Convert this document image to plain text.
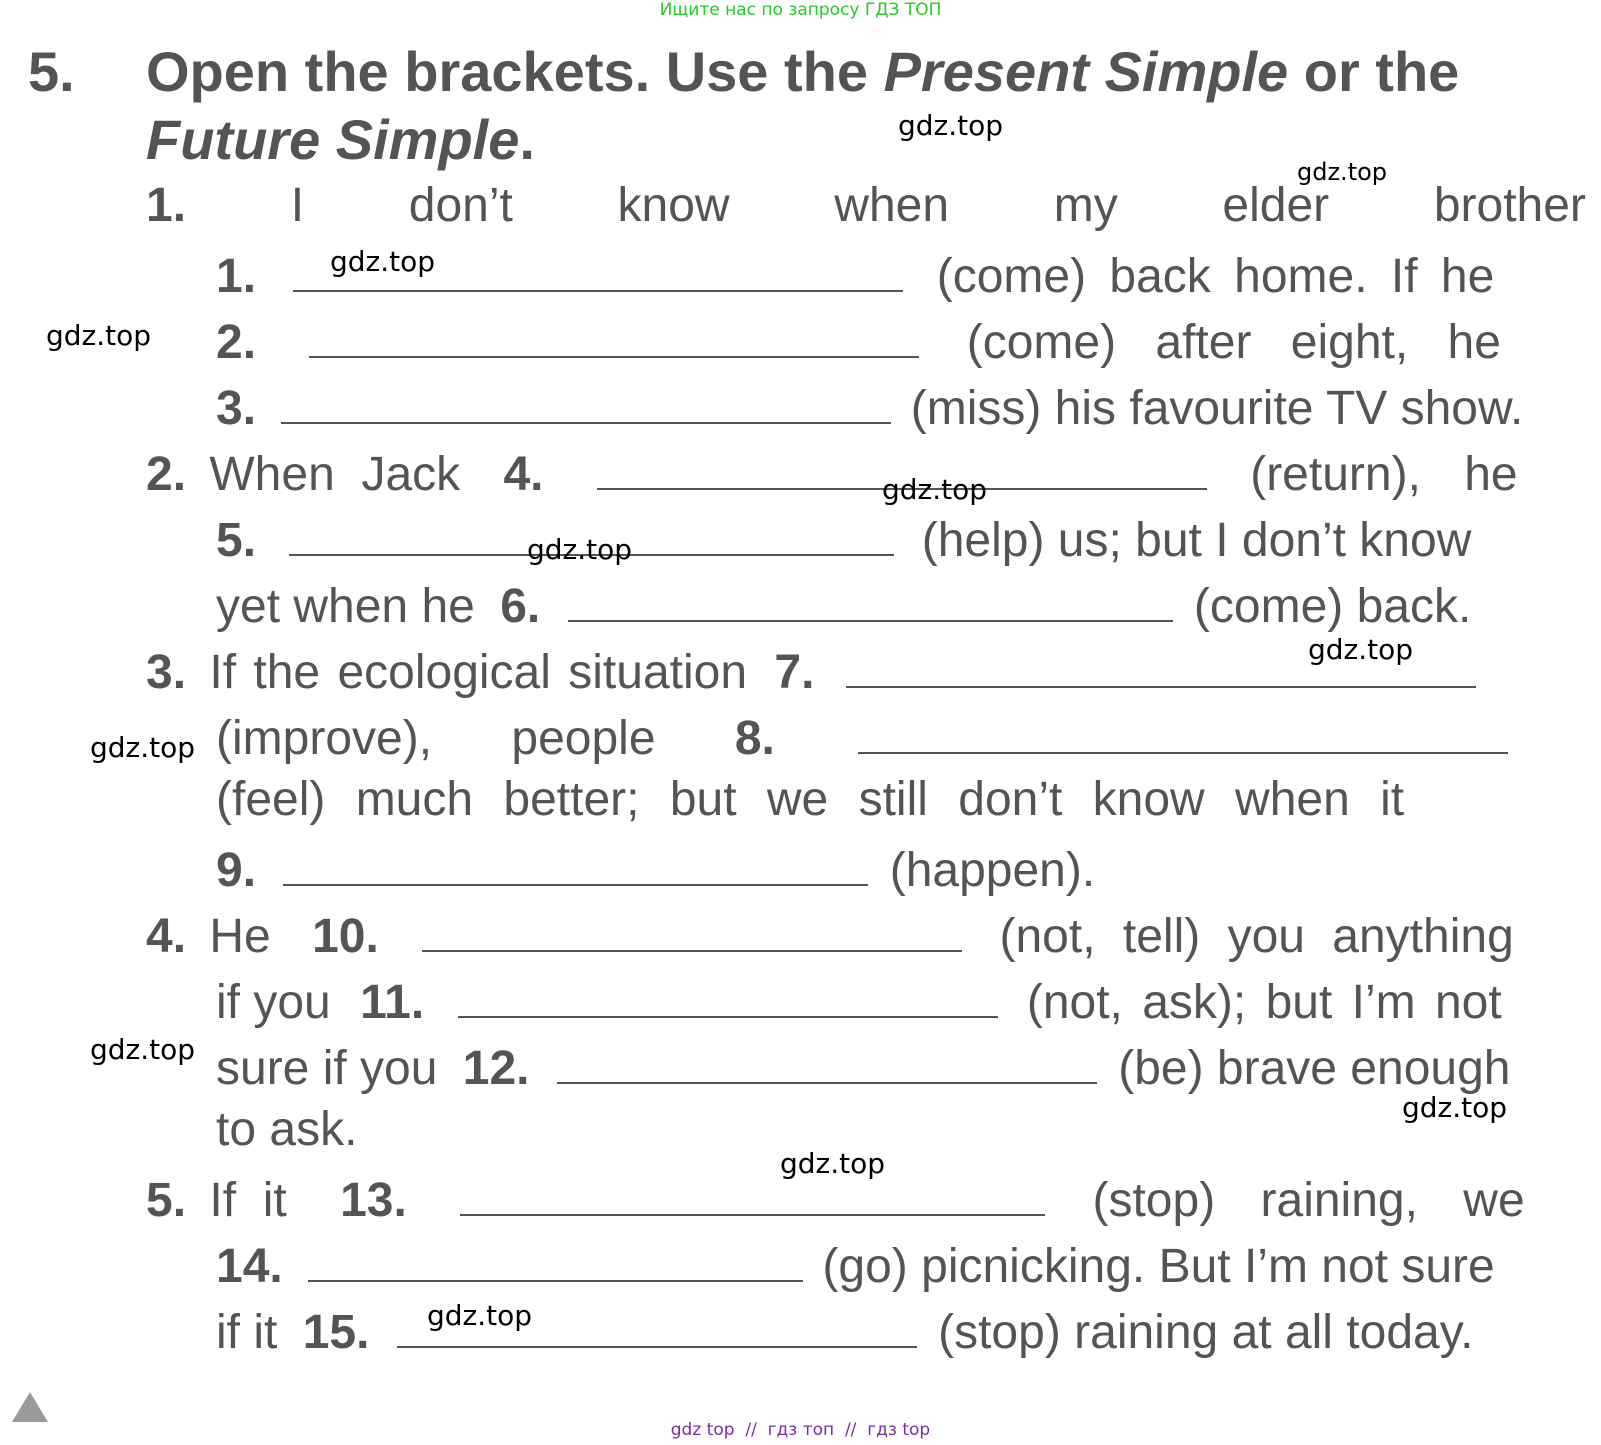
Ищите нас по запросу ГДЗ ТОП
5. Open the brackets. Use the Present Simple or the
Future Simple.
1. I don’t know when my elder brother
1.	(come) back home. If he
2.	(come) after eight, he
3.	(miss) his favourite TV show.
2. When  Jack 4.	(return), he
5.	(help) us; but I don’t know
yet when he 6.	(come) back.
3. If the ecological situation 7.
(improve), people 8.
(feel) much better; but we still don’t know when it
9.	(happen).
4. He 10.	(not, tell) you anything
if you 11.	(not, ask); but I’m not
sure if you 12.	(be) brave enough
to ask.
5. If  it 13.	(stop) raining, we
14.	(go) picnicking. But I’m not sure
if it 15.	(stop) raining at all today.
gdz.top
gdz.top
gdz.top
gdz.top
gdz.top
gdz.top
gdz.top
gdz.top
gdz.top
gdz.top
gdz.top
gdz.top
gdz top  //  гдз топ  //  гдз top
